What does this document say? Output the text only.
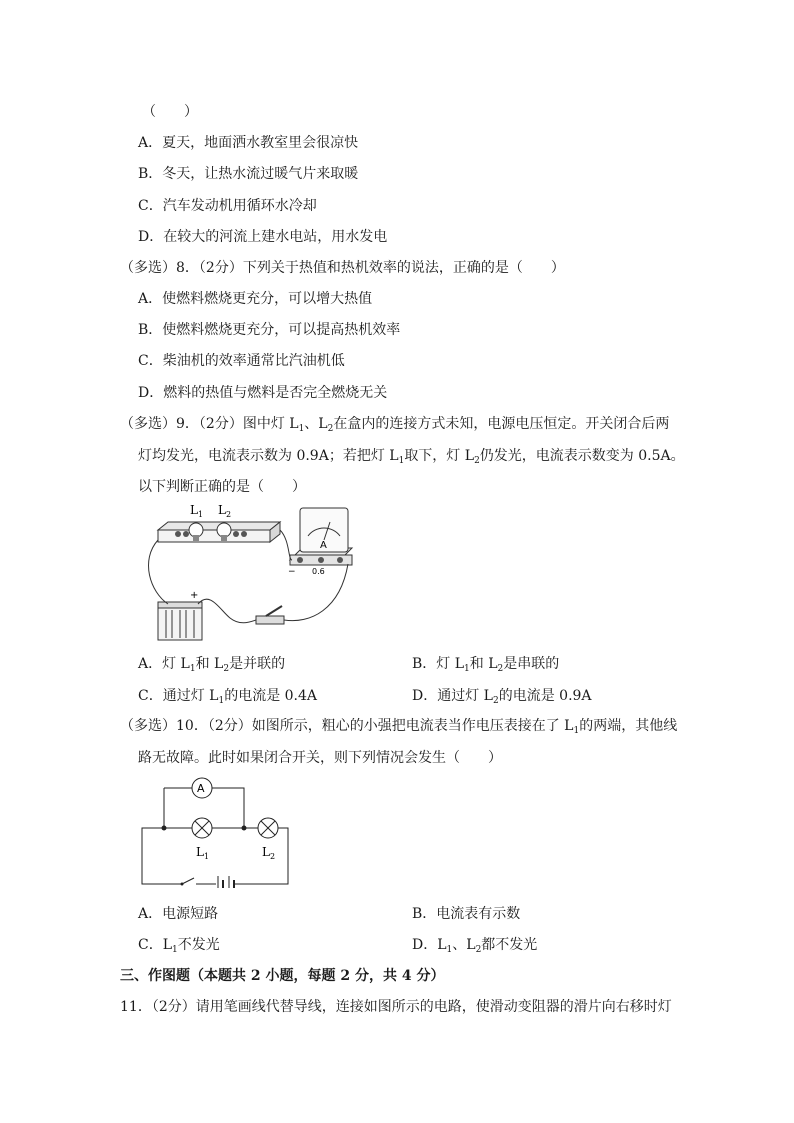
（　　）
A．夏天，地面洒水教室里会很凉快
B．冬天，让热水流过暖气片来取暖
C．汽车发动机用循环水冷却
D．在较大的河流上建水电站，用水发电
（多选）8．（2分）下列关于热值和热机效率的说法，正确的是（　　）
A．使燃料燃烧更充分，可以增大热值
B．使燃料燃烧更充分，可以提高热机效率
C．柴油机的效率通常比汽油机低
D．燃料的热值与燃料是否完全燃烧无关
（多选）9．（2分）图中灯 $L_1$、$L_2$在盒内的连接方式未知，电源电压恒定。开关闭合后两
灯均发光，电流表示数为 0.9A；若把灯 $L_1$取下，灯 $L_2$仍发光，电流表示数变为 0.5A。
以下判断正确的是（　　）
$L_1$ $L_2$
A
− 0.6
+
A．灯 $L_1$和 $L_2$是并联的	B．灯 $L_1$和 $L_2$是串联的
C．通过灯 $L_1$的电流是 0.4A	D．通过灯 $L_2$的电流是 0.9A
（多选）10．（2分）如图所示，粗心的小强把电流表当作电压表接在了 $L_1$的两端，其他线
路无故障。此时如果闭合开关，则下列情况会发生（　　）
A
$L_1$	$L_2$
A．电源短路	B．电流表有示数
C．$L_1$不发光	D．$L_1$、$L_2$都不发光
三、作图题（本题共 2 小题，每题 2 分，共 4 分）
11．（2分）请用笔画线代替导线，连接如图所示的电路，使滑动变阻器的滑片向右移时灯
